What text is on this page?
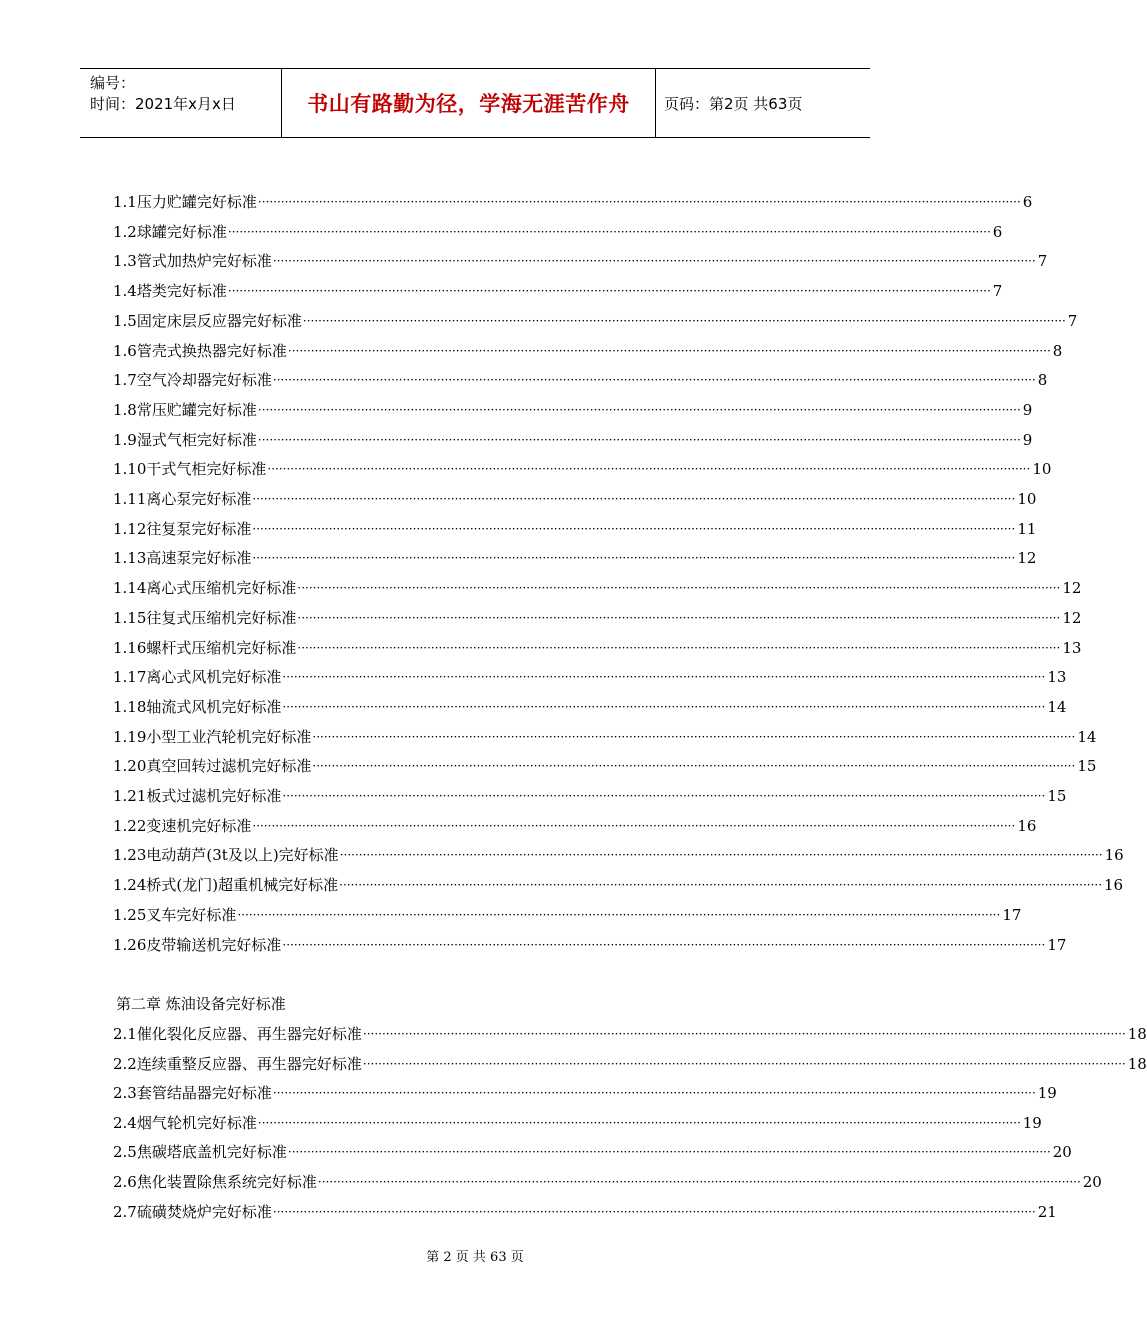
编号：
时间：2021年x月x日	书山有路勤为径，学海无涯苦作舟	页码：第2页 共63页
1.1 压力贮罐完好标准 ········································································································································································································ 6
1.2 球罐完好标准 ········································································································································································································ 6
1.3 管式加热炉完好标准 ········································································································································································································ 7
1.4 塔类完好标准 ········································································································································································································ 7
1.5 固定床层反应器完好标准 ········································································································································································································ 7
1.6 管壳式换热器完好标准 ········································································································································································································ 8
1.7 空气冷却器完好标准 ········································································································································································································ 8
1.8 常压贮罐完好标准 ········································································································································································································ 9
1.9 湿式气柜完好标准 ········································································································································································································ 9
1.10 干式气柜完好标准 ········································································································································································································ 10
1.11 离心泵完好标准 ········································································································································································································ 10
1.12 往复泵完好标准 ········································································································································································································ 11
1.13 高速泵完好标准 ········································································································································································································ 12
1.14 离心式压缩机完好标准 ········································································································································································································ 12
1.15 往复式压缩机完好标准 ········································································································································································································ 12
1.16 螺杆式压缩机完好标准 ········································································································································································································ 13
1.17 离心式风机完好标准 ········································································································································································································ 13
1.18 轴流式风机完好标准 ········································································································································································································ 14
1.19 小型工业汽轮机完好标准 ········································································································································································································ 14
1.20 真空回转过滤机完好标准 ········································································································································································································ 15
1.21 板式过滤机完好标准 ········································································································································································································ 15
1.22 变速机完好标准 ········································································································································································································ 16
1.23 电动葫芦(3t及以上)完好标准 ········································································································································································································ 16
1.24 桥式(龙门)超重机械完好标准 ········································································································································································································ 16
1.25 叉车完好标准 ········································································································································································································ 17
1.26 皮带输送机完好标准 ········································································································································································································ 17
2.1 催化裂化反应器、再生器完好标准 ········································································································································································································ 18
2.2 连续重整反应器、再生器完好标准 ········································································································································································································ 18
2.3 套管结晶器完好标准 ········································································································································································································ 19
2.4 烟气轮机完好标准 ········································································································································································································ 19
2.5 焦碳塔底盖机完好标准 ········································································································································································································ 20
2.6 焦化装置除焦系统完好标准 ········································································································································································································ 20
2.7 硫磺焚烧炉完好标准 ········································································································································································································ 21
第二章 炼油设备完好标准
第 2 页 共 63 页
